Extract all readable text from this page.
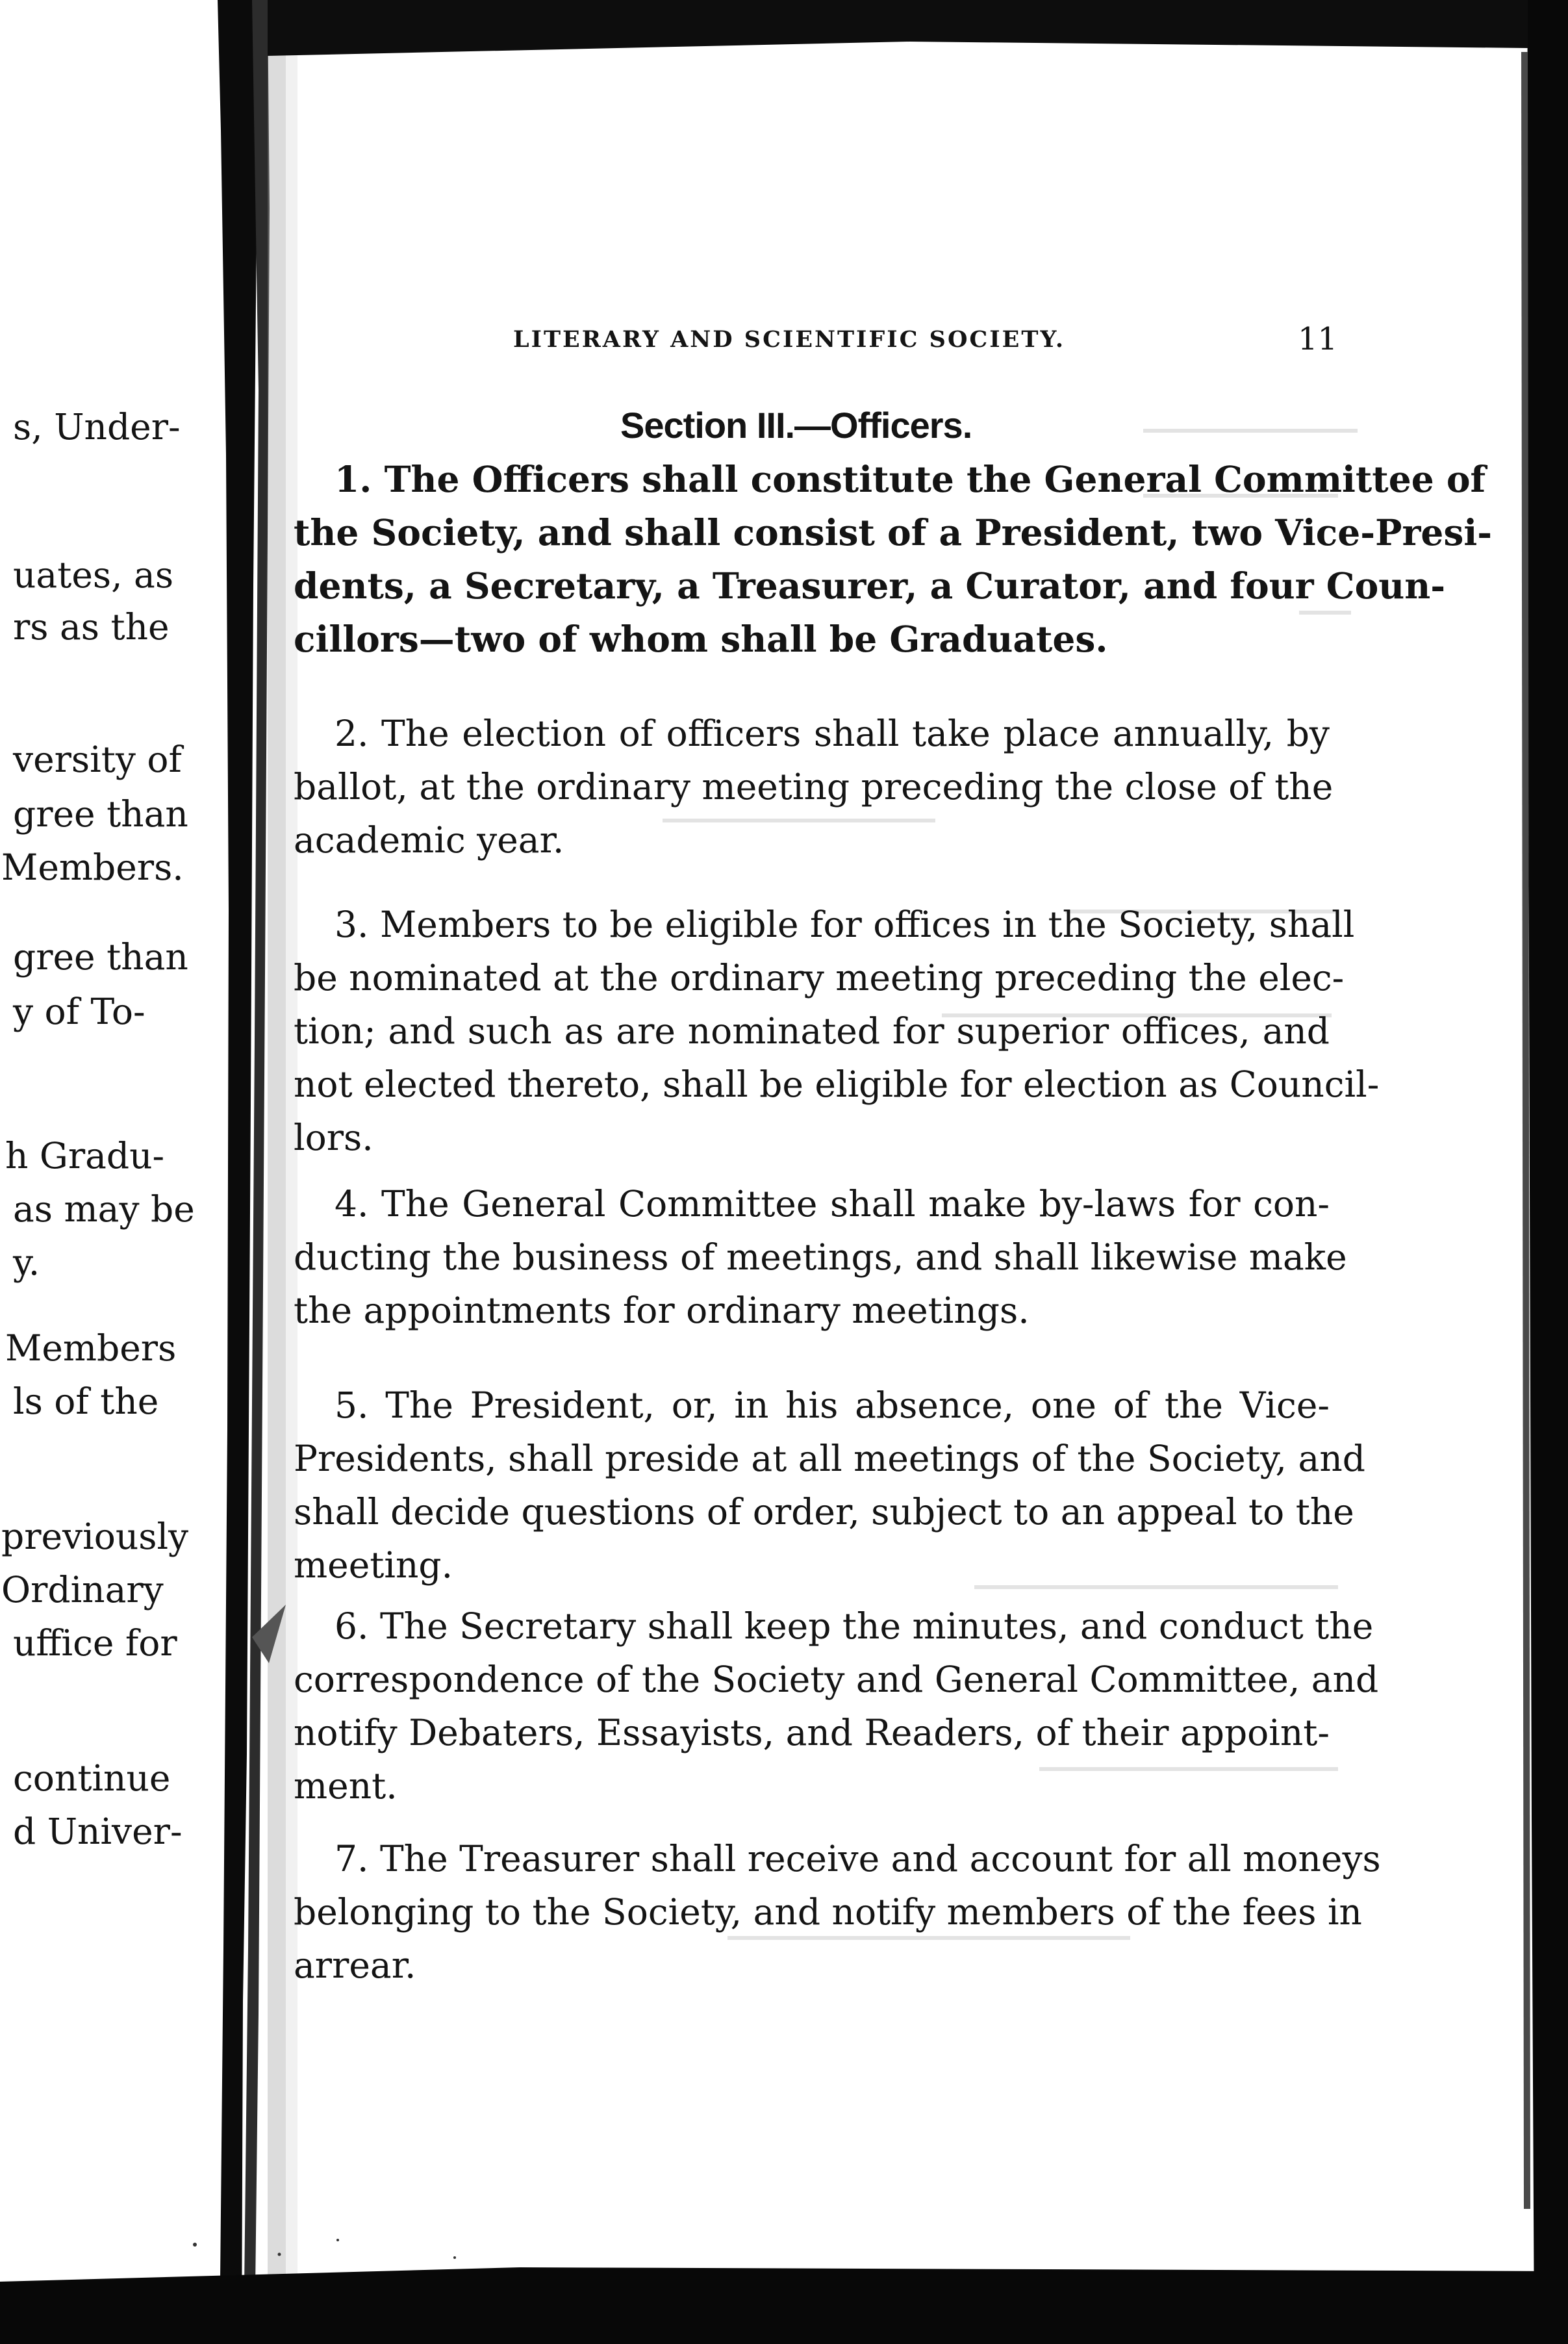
s, Under-
uates, as
rs as the
versity of
gree than
Members.
gree than
y of To-
h Gradu-
as may be
y.
Members
ls of the
previously
Ordinary
uffice for
continue
d Univer-
LITERARY AND SCIENTIFIC SOCIETY.	11
Section III.—Officers.
1. The Officers shall constitute the General Committee of
the Society, and shall consist of a President, two Vice-Presi-
dents, a Secretary, a Treasurer, a Curator, and four Coun-
cillors—two of whom shall be Graduates.
2. The election of officers shall take place annually, by
ballot, at the ordinary meeting preceding the close of the
academic year.
3. Members to be eligible for offices in the Society, shall
be nominated at the ordinary meeting preceding the elec-
tion; and such as are nominated for superior offices, and
not elected thereto, shall be eligible for election as Council-
lors.
4. The General Committee shall make by-laws for con-
ducting the business of meetings, and shall likewise make
the appointments for ordinary meetings.
5. The President, or, in his absence, one of the Vice-
Presidents, shall preside at all meetings of the Society, and
shall decide questions of order, subject to an appeal to the
meeting.
6. The Secretary shall keep the minutes, and conduct the
correspondence of the Society and General Committee, and
notify Debaters, Essayists, and Readers, of their appoint-
ment.
7. The Treasurer shall receive and account for all moneys
belonging to the Society, and notify members of the fees in
arrear.
